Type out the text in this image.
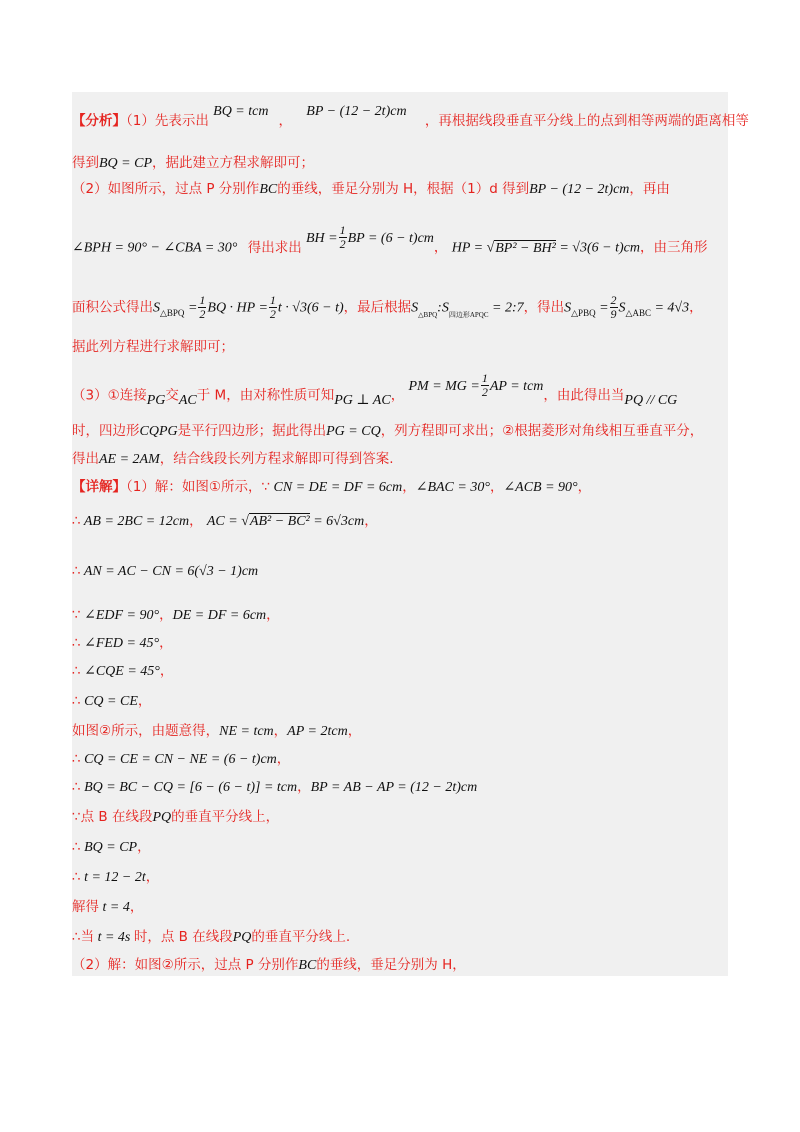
【分析】（1）先表示出 BQ = tcm， BP − (12 − 2t)cm ，再根据线段垂直平分线上的点到相等两端的距离相等
得到BQ = CP，据此建立方程求解即可；
（2）如图所示，过点 P 分别作BC的垂线，垂足分别为 H，根据（1）d 得到BP − (12 − 2t)cm，再由
∠BPH = 90° − ∠CBA = 30° 得出求出 BH = $\frac{1}{2}$ BP = (6 − t)cm， HP = √BP² − BH² = √3(6 − t)cm，由三角形
面积公式得出$S_{\triangle BPQ} = \frac{1}{2}$ BQ · HP = $\frac{1}{2}$ t · √3(6 − t)，最后根据$S_{\triangle BPQ}:S_{四边形APQC}$ = 2:7，得出$S_{\triangle PBQ} = \frac{2}{9} S_{\triangle ABC} = 4√3$，
据此列方程进行求解即可；
（3）①连接PG交AC于 M，由对称性质可知PG ⊥ AC， PM = MG = $\frac{1}{2}$ AP = tcm，由此得出当PQ // CG
时，四边形CQPG是平行四边形；据此得出PG = CQ，列方程即可求出；②根据菱形对角线相互垂直平分，
得出AE = 2AM，结合线段长列方程求解即可得到答案.
【详解】（1）解：如图①所示，∵ CN = DE = DF = 6cm，∠BAC = 30°，∠ACB = 90°，
∴ AB = 2BC = 12cm， AC = √AB² − BC² = 6√3cm，
∴ AN = AC − CN = 6(√3 − 1)cm
∵ ∠EDF = 90°，DE = DF = 6cm，
∴ ∠FED = 45°，
∴ ∠CQE = 45°，
∴ CQ = CE，
如图②所示，由题意得，NE = tcm，AP = 2tcm，
∴ CQ = CE = CN − NE = (6 − t)cm，
∴ BQ = BC − CQ = [6 − (6 − t)] = tcm，BP = AB − AP = (12 − 2t)cm
∵点 B 在线段PQ的垂直平分线上，
∴ BQ = CP，
∴ t = 12 − 2t，
解得 t = 4，
∴当 t = 4s 时，点 B 在线段PQ的垂直平分线上.
（2）解：如图②所示，过点 P 分别作BC的垂线，垂足分别为 H，
